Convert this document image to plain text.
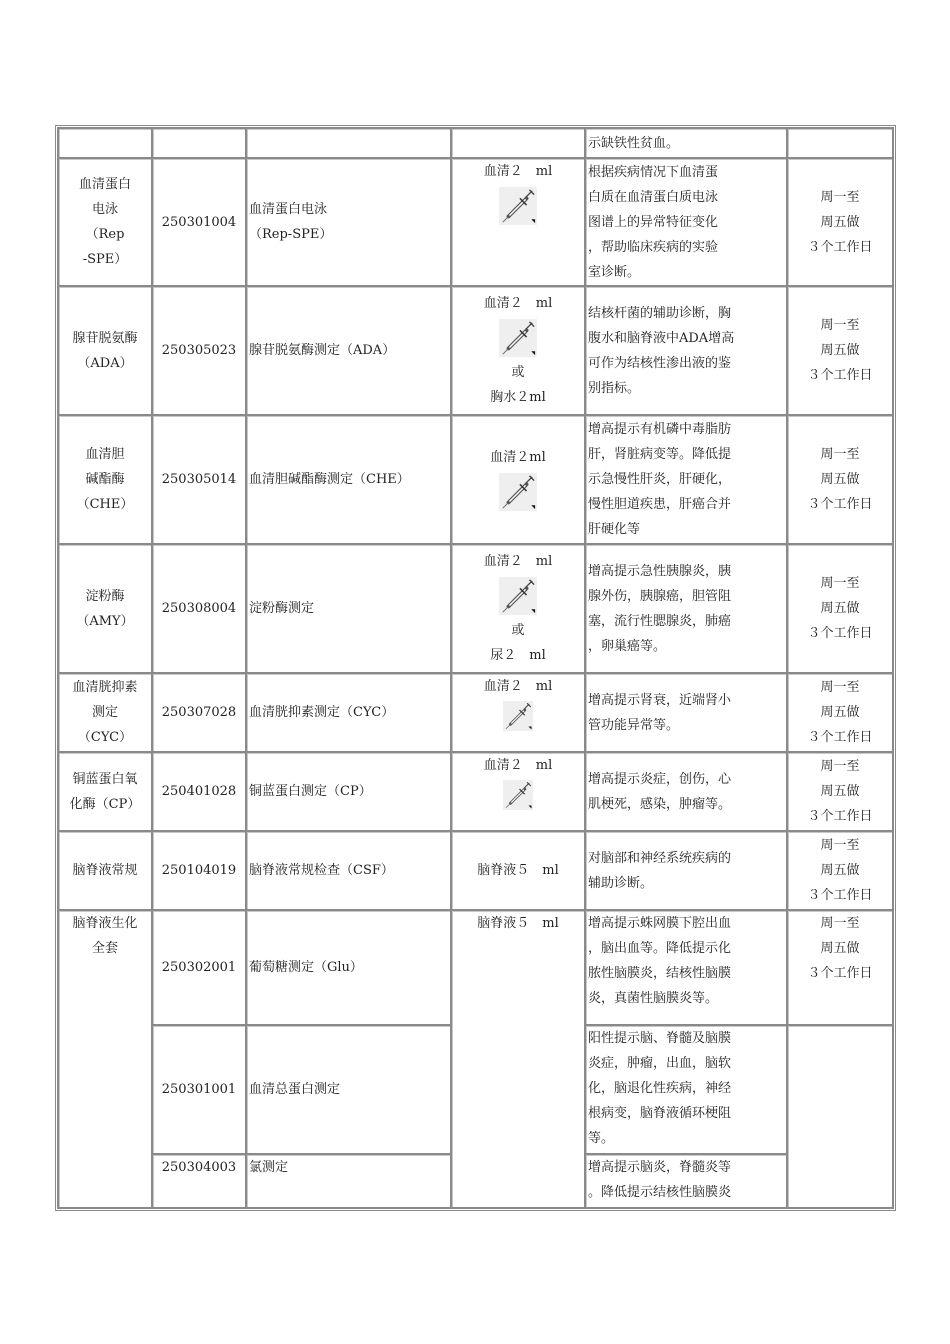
				示缺铁性贫血。	

血清蛋白
电泳
（Rep
-SPE）	250301004	血清蛋白电泳
（Rep-SPE）	血清２　ml	根据疾病情况下血清蛋
白质在血清蛋白质电泳
图谱上的异常特征变化
，帮助临床疾病的实验
室诊断。	周一至
周五做
３个工作日

腺苷脱氨酶
（ADA）	250305023	腺苷脱氨酶测定（ADA）	血清２　ml
或
胸水２ml	结核杆菌的辅助诊断，胸
腹水和脑脊液中ADA增高
可作为结核性渗出液的鉴
别指标。	周一至
周五做
３个工作日

血清胆
碱酯酶
（CHE）	250305014	血清胆碱酯酶测定（CHE）	血清２ml	增高提示有机磷中毒脂肪
肝，肾脏病变等。降低提
示急慢性肝炎，肝硬化，
慢性胆道疾患，肝癌合并
肝硬化等	周一至
周五做
３个工作日

淀粉酶
（AMY）	250308004	淀粉酶测定	血清２　ml
或
尿２　ml	增高提示急性胰腺炎，胰
腺外伤，胰腺癌，胆管阻
塞，流行性腮腺炎，肺癌
，卵巢癌等。	周一至
周五做
３个工作日

血清胱抑素
测定
（CYC）	250307028	血清胱抑素测定（CYC）	血清２　ml	增高提示肾衰，近端肾小
管功能异常等。	周一至
周五做
３个工作日

铜蓝蛋白氧
化酶（CP）	250401028	铜蓝蛋白测定（CP）	血清２　ml	增高提示炎症，创伤，心
肌梗死，感染，肿瘤等。	周一至
周五做
３个工作日

脑脊液常规	250104019	脑脊液常规检查（CSF）	脑脊液５　ml	对脑部和神经系统疾病的
辅助诊断。	周一至
周五做
３个工作日

脑脊液生化
全套	250302001	葡萄糖测定（Glu）	脑脊液５　ml	增高提示蛛网膜下腔出血
，脑出血等。降低提示化
脓性脑膜炎，结核性脑膜
炎，真菌性脑膜炎等。	周一至
周五做
３个工作日

	250301001	血清总蛋白测定		阳性提示脑、脊髓及脑膜
炎症，肿瘤，出血，脑软
化，脑退化性疾病，神经
根病变，脑脊液循环梗阻
等。	

	250304003	氯测定		增高提示脑炎，脊髓炎等
。降低提示结核性脑膜炎	
